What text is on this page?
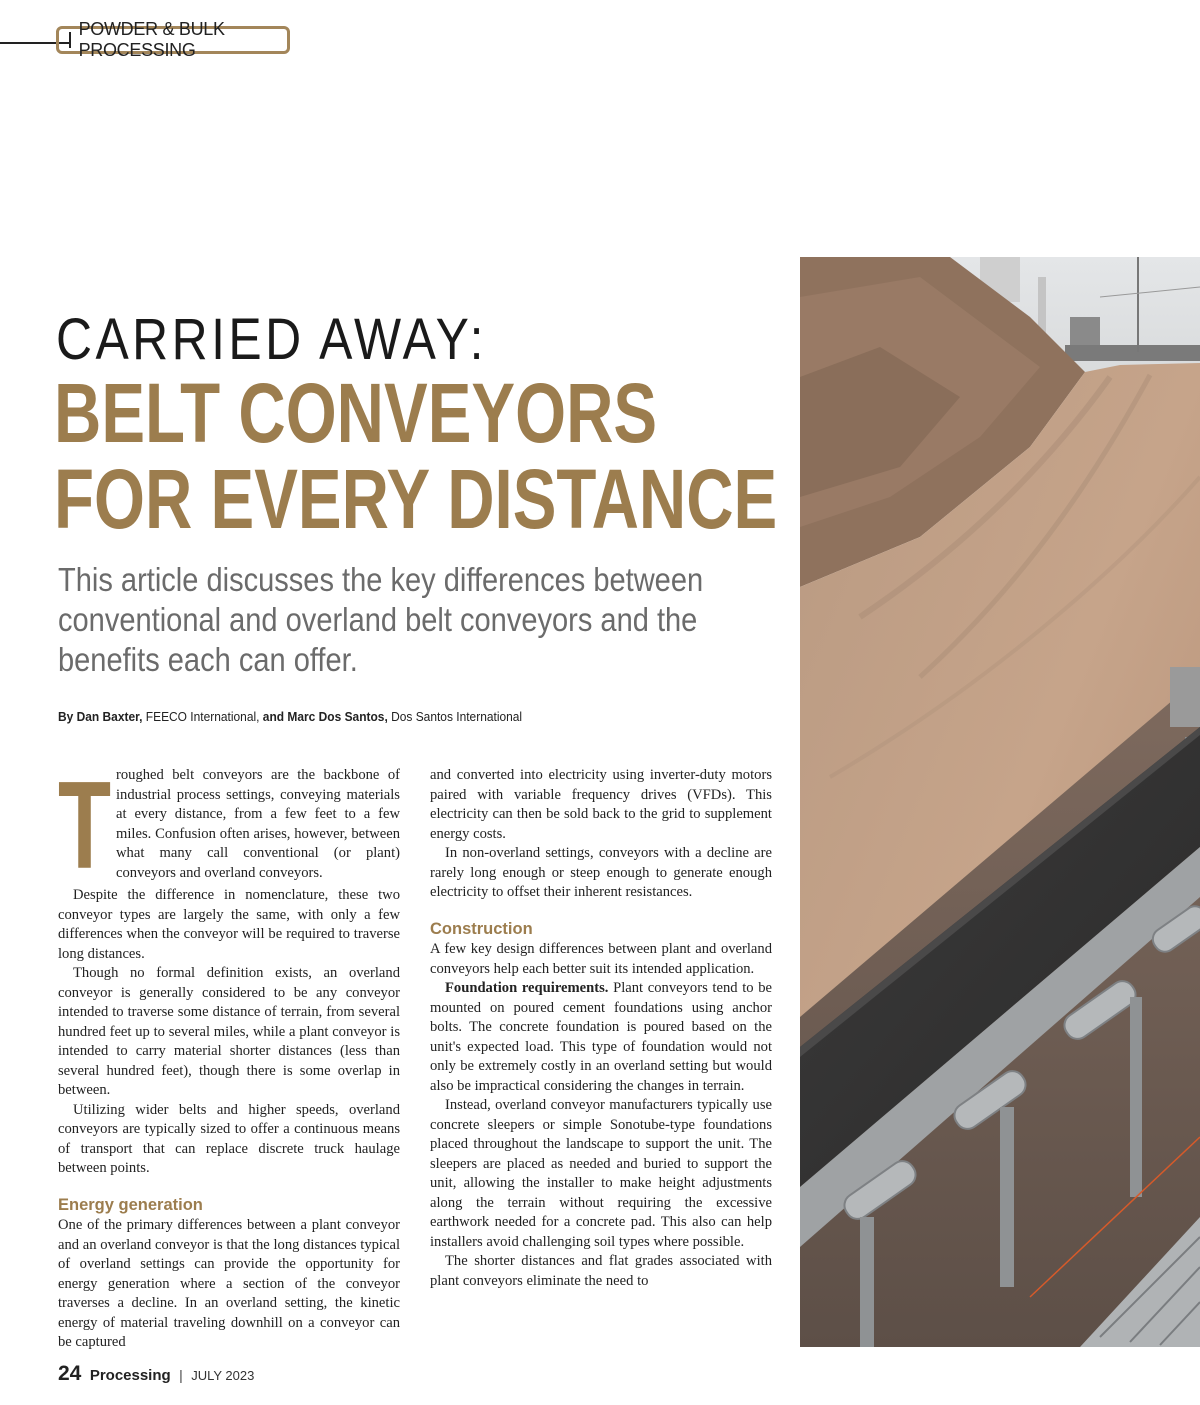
POWDER & BULK PROCESSING
CARRIED AWAY:
BELT CONVEYORS
FOR EVERY DISTANCE
This article discusses the key differences between conventional and overland belt conveyors and the benefits each can offer.
By Dan Baxter, FEECO International, and Marc Dos Santos, Dos Santos International

Troughed belt conveyors are the backbone of industrial process settings, conveying materials at every distance, from a few feet to a few miles. Confusion often arises, however, between what many call conventional (or plant) conveyors and overland conveyors.

Despite the difference in nomenclature, these two conveyor types are largely the same, with only a few differences when the conveyor will be required to traverse long distances.

Though no formal definition exists, an overland conveyor is generally considered to be any conveyor intended to traverse some distance of terrain, from several hundred feet up to several miles, while a plant conveyor is intended to carry material shorter distances (less than several hundred feet), though there is some overlap in between.

Utilizing wider belts and higher speeds, overland conveyors are typically sized to offer a continuous means of transport that can replace discrete truck haulage between points.

Energy generation

One of the primary differences between a plant conveyor and an overland conveyor is that the long distances typical of overland settings can provide the opportunity for energy generation where a section of the conveyor traverses a decline. In an overland setting, the kinetic energy of material traveling downhill on a conveyor can be captured

and converted into electricity using inverter-duty motors paired with variable frequency drives (VFDs). This electricity can then be sold back to the grid to supplement energy costs.

In non-overland settings, conveyors with a decline are rarely long enough or steep enough to generate enough electricity to offset their inherent resistances.

Construction

A few key design differences between plant and overland conveyors help each better suit its intended application.

Foundation requirements. Plant conveyors tend to be mounted on poured cement foundations using anchor bolts. The concrete foundation is poured based on the unit's expected load. This type of foundation would not only be extremely costly in an overland setting but would also be impractical considering the changes in terrain.

Instead, overland conveyor manufacturers typically use concrete sleepers or simple Sonotube-type foundations placed throughout the landscape to support the unit. The sleepers are placed as needed and buried to support the unit, allowing the installer to make height adjustments along the terrain without requiring the excessive earthwork needed for a concrete pad. This also can help installers avoid challenging soil types where possible.

The shorter distances and flat grades associated with plant conveyors eliminate the need to

24 Processing | JULY 2023
